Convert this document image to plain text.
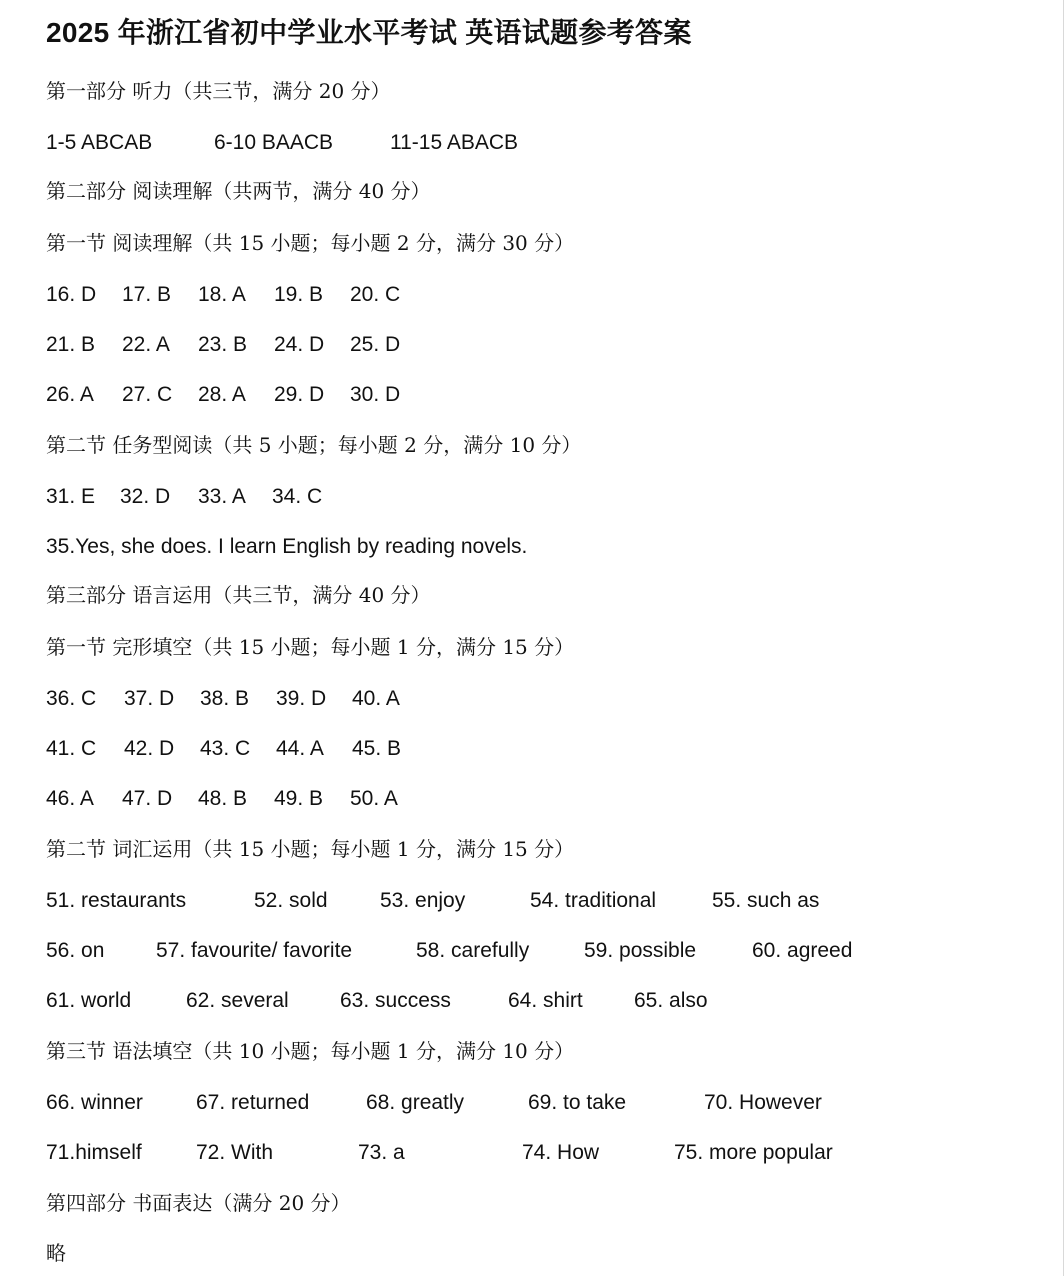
2025 年浙江省初中学业水平考试 英语试题参考答案
第一部分 听力（共三节，满分 20 分）
1-5 ABCAB	6-10 BAACB	11-15 ABACB
第二部分 阅读理解（共两节，满分 40 分）
第一节 阅读理解（共 15 小题；每小题 2 分，满分 30 分）
16. D 17. B 18. A 19. B 20. C
21. B 22. A 23. B 24. D 25. D
26. A 27. C 28. A 29. D 30. D
第二节 任务型阅读（共 5 小题；每小题 2 分，满分 10 分）
31. E 32. D 33. A 34. C
35.Yes, she does. I learn English by reading novels.
第三部分 语言运用（共三节，满分 40 分）
第一节 完形填空（共 15 小题；每小题 1 分，满分 15 分）
36. C 37. D 38. B 39. D 40. A
41. C 42. D 43. C 44. A 45. B
46. A 47. D 48. B 49. B 50. A
第二节 词汇运用（共 15 小题；每小题 1 分，满分 15 分）
51. restaurants	52. sold 53. enjoy	54. traditional	55. such as
56. on 57. favourite/ favorite	58. carefully	59. possible	60. agreed
61. world	62. several 63. success	64. shirt 65. also
第三节 语法填空（共 10 小题；每小题 1 分，满分 10 分）
66. winner	67. returned	68. greatly	69. to take	70. However
71.himself	72. With	73. a	74. How	75. more popular
第四部分 书面表达（满分 20 分）
略
